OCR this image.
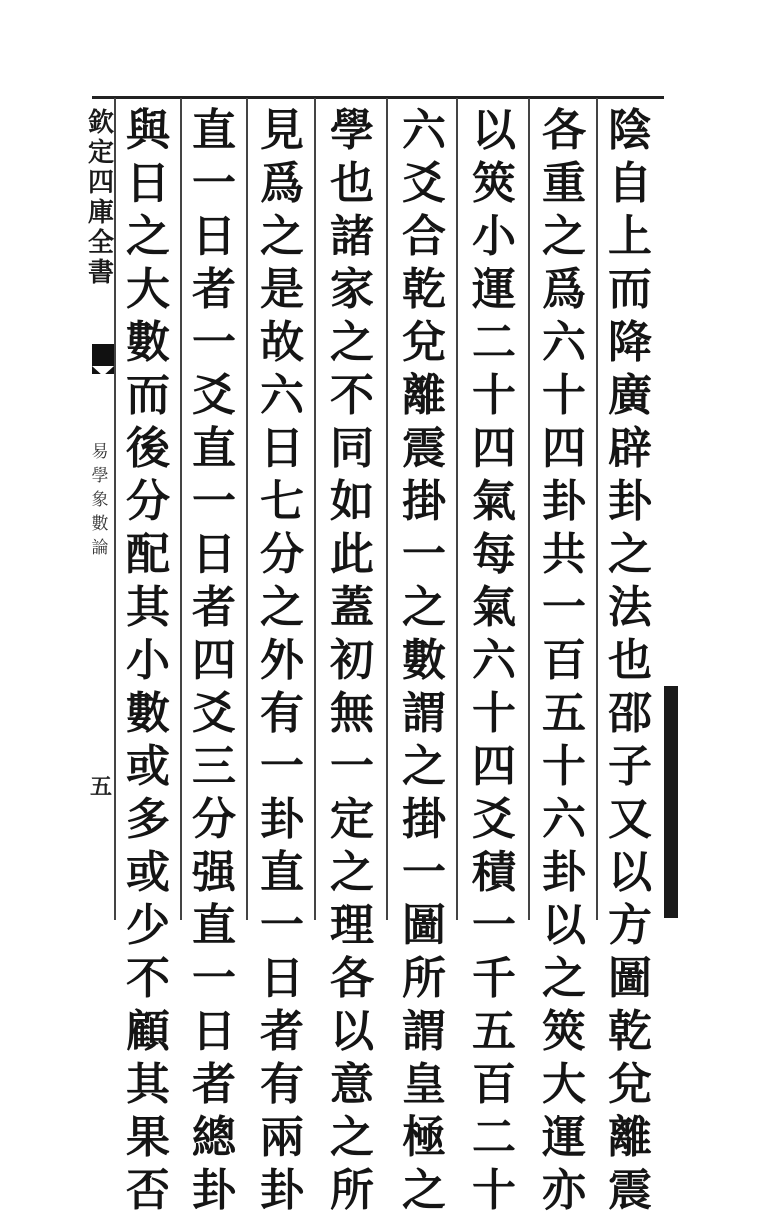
欽
定
四
庫
全
書
易
學
象
數
論
五
陰
自
上
而
降
廣
辟
卦
之
法
也
邵
子
又
以
方
圖
乾
兌
離
震
各
重
之
爲
六
十
四
卦
共
一
百
五
十
六
卦
以
之
筴
大
運
亦
以
筴
小
運
二
十
四
氣
每
氣
六
十
四
爻
積
一
千
五
百
二
十
六
爻
合
乾
兌
離
震
掛
一
之
數
謂
之
掛
一
圖
所
謂
皇
極
之
學
也
諸
家
之
不
同
如
此
蓋
初
無
一
定
之
理
各
以
意
之
所
見
爲
之
是
故
六
日
七
分
之
外
有
一
卦
直
一
日
者
有
兩
卦
直
一
日
者
一
爻
直
一
日
者
四
爻
三
分
强
直
一
日
者
總
卦
與
日
之
大
數
而
後
分
配
其
小
數
或
多
或
少
不
顧
其
果
否
